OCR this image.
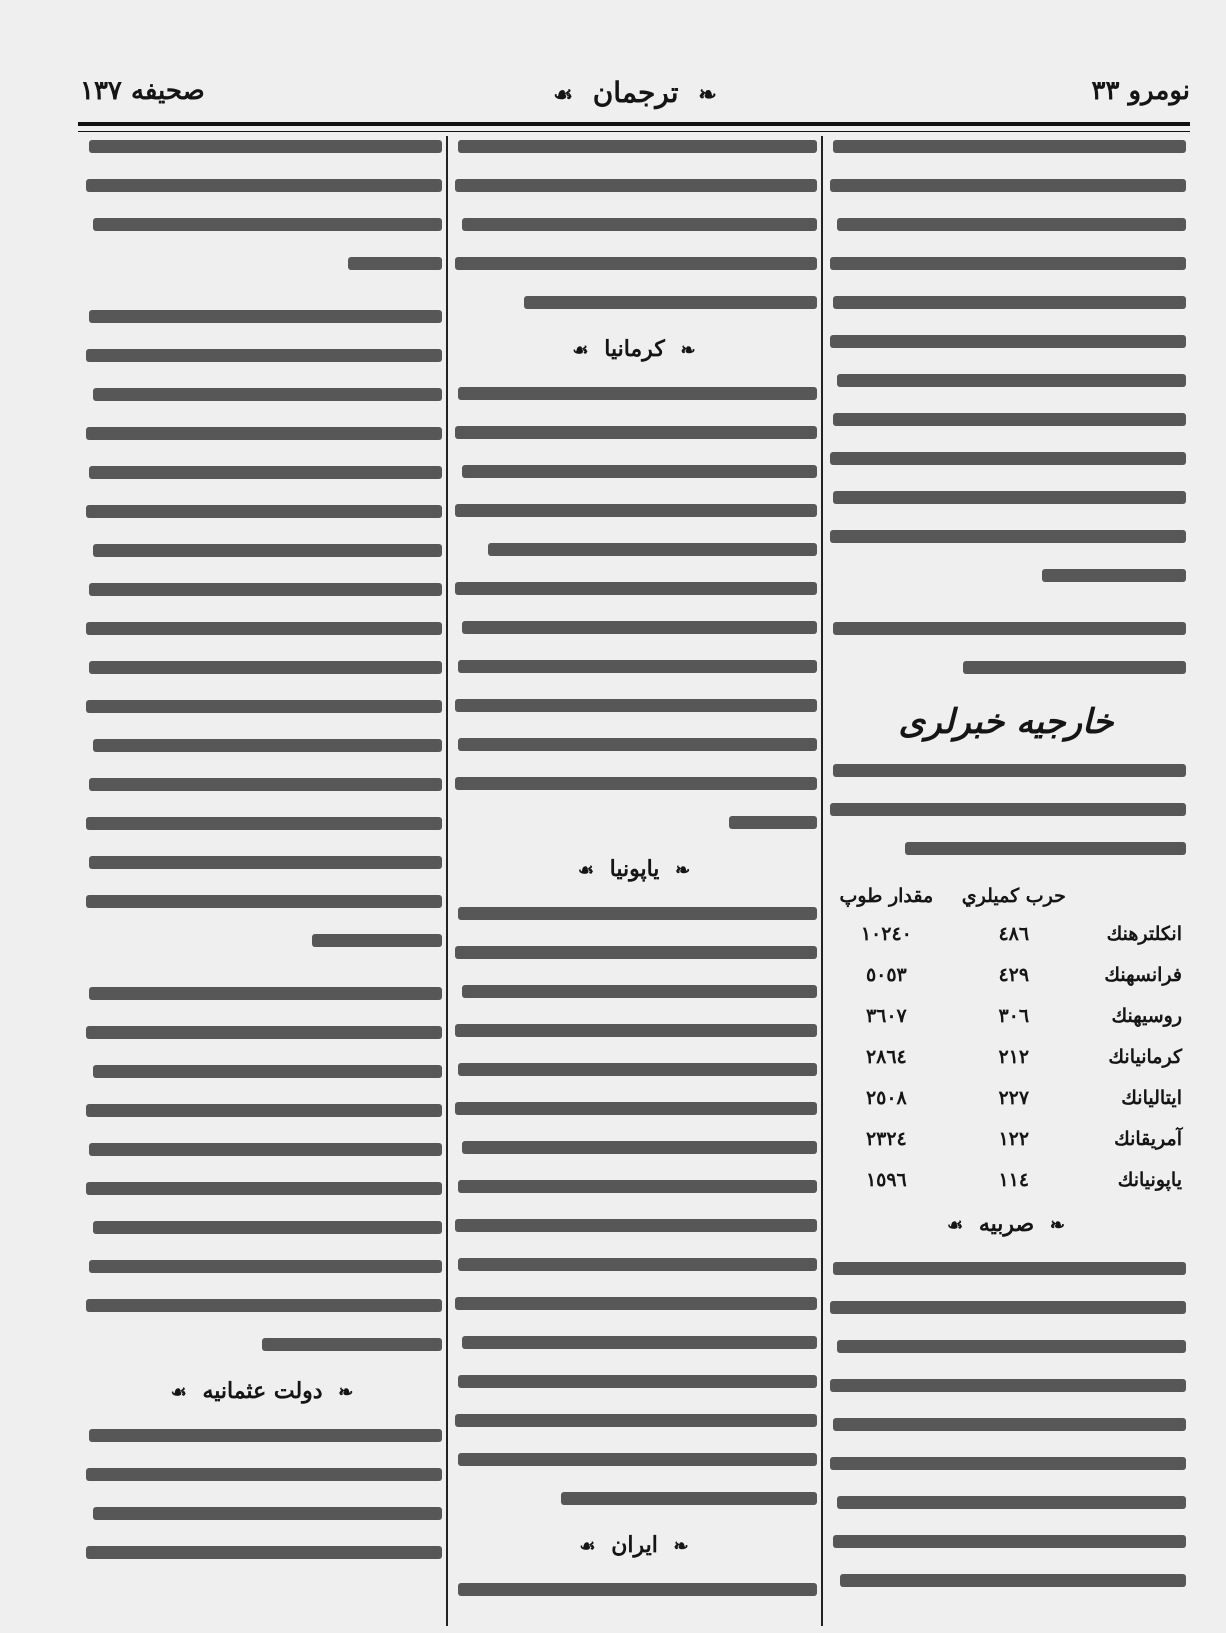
نومرو ٣٣
❧ ترجمان ☙
صحيفه ١٣٧
خارجیه خبرلری
	حرب كميلري	مقدار طوپ
انكلترهنك	٤٨٦	١٠٢٤٠
فرانسهنك	٤٢٩	٥٠٥٣
روسيهنك	٣٠٦	٣٦٠٧
كرمانيانك	٢١٢	٢٨٦٤
ايتاليانك	٢٢٧	٢٥٠٨
آمريقانك	١٢٢	٢٣٢٤
ياپونيانك	١١٤	١٥٩٦
❧ صربيه ☙
❧ كرمانيا ☙
❧ ياپونيا ☙
❧ ايران ☙
❧ دولت عثمانيه ☙
